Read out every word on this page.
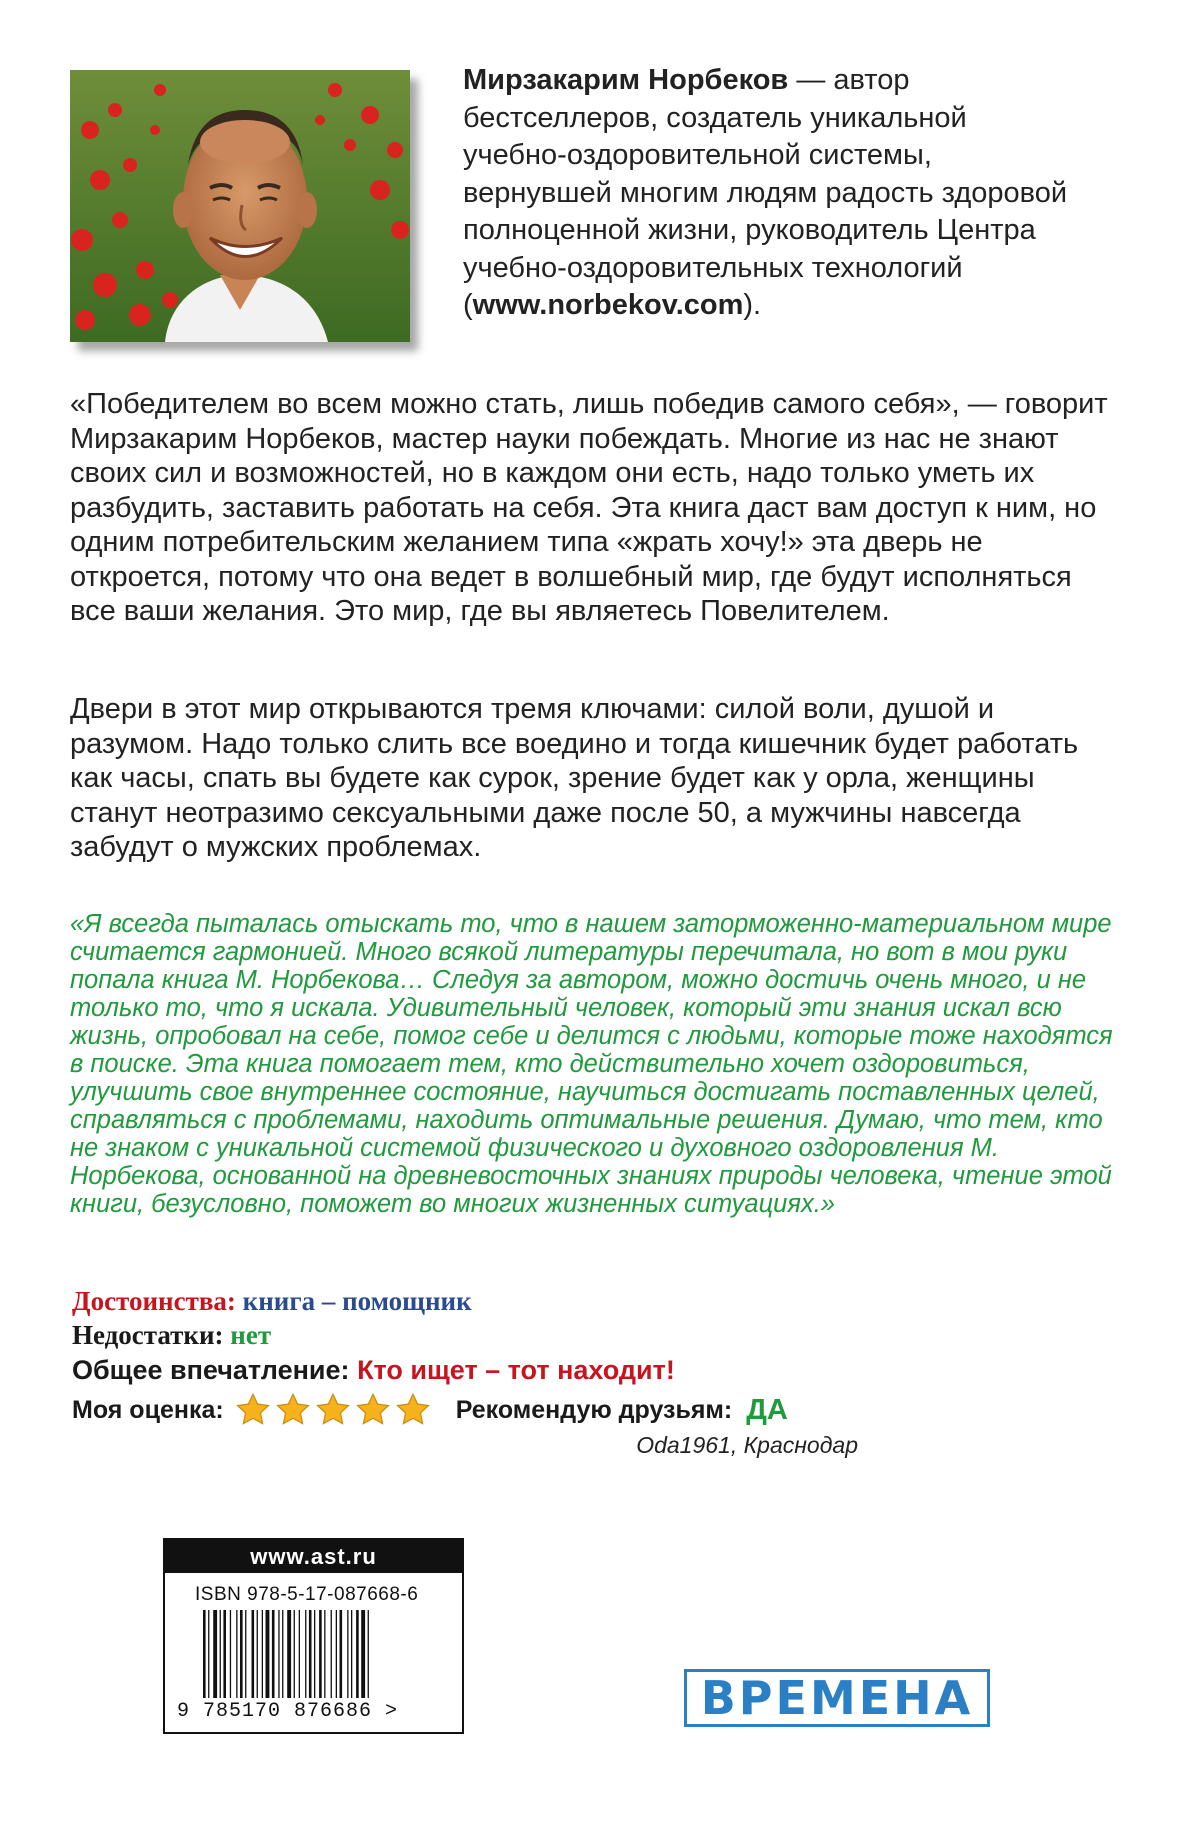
Мирзакарим Норбеков — автор бестселлеров, создатель уникальной учебно-оздоровительной системы, вернувшей многим людям радость здоровой полноценной жизни, руководитель Центра учебно-оздоровительных технологий (www.norbekov.com).
«Победителем во всем можно стать, лишь победив самого себя», — говорит Мирзакарим Норбеков, мастер науки побеждать. Многие из нас не знают своих сил и возможностей, но в каждом они есть, надо только уметь их разбудить, заставить работать на себя. Эта книга даст вам доступ к ним, но одним потребительским желанием типа «жрать хочу!» эта дверь не откроется, потому что она ведет в волшебный мир, где будут исполняться все ваши желания. Это мир, где вы являетесь Повелителем.
Двери в этот мир открываются тремя ключами: силой воли, душой и разумом. Надо только слить все воедино и тогда кишечник будет работать как часы, спать вы будете как сурок, зрение будет как у орла, женщины станут неотразимо сексуальными даже после 50, а мужчины навсегда забудут о мужских проблемах.
«Я всегда пыталась отыскать то, что в нашем заторможенно-материальном мире считается гармонией. Много всякой литературы перечитала, но вот в мои руки попала книга М. Норбекова… Следуя за автором, можно достичь очень много, и не только то, что я искала. Удивительный человек, который эти знания искал всю жизнь, опробовал на себе, помог себе и делится с людьми, которые тоже находятся в поиске. Эта книга помогает тем, кто действительно хочет оздоровиться, улучшить свое внутреннее состояние, научиться достигать поставленных целей, справляться с проблемами, находить оптимальные решения. Думаю, что тем, кто не знаком с уникальной системой физического и духовного оздоровления М. Норбекова, основанной на древневосточных знаниях природы человека, чтение этой книги, безусловно, поможет во многих жизненных ситуациях.»
Достоинства: книга – помощник
Недостатки: нет
Общее впечатление: Кто ищет – тот находит!
Моя оценка:	Рекомендую друзьям: ДА
Oda1961, Краснодар
www.ast.ru
ISBN 978-5-17-087668-6
9 785170 876686 >	ВРЕМЕНА
